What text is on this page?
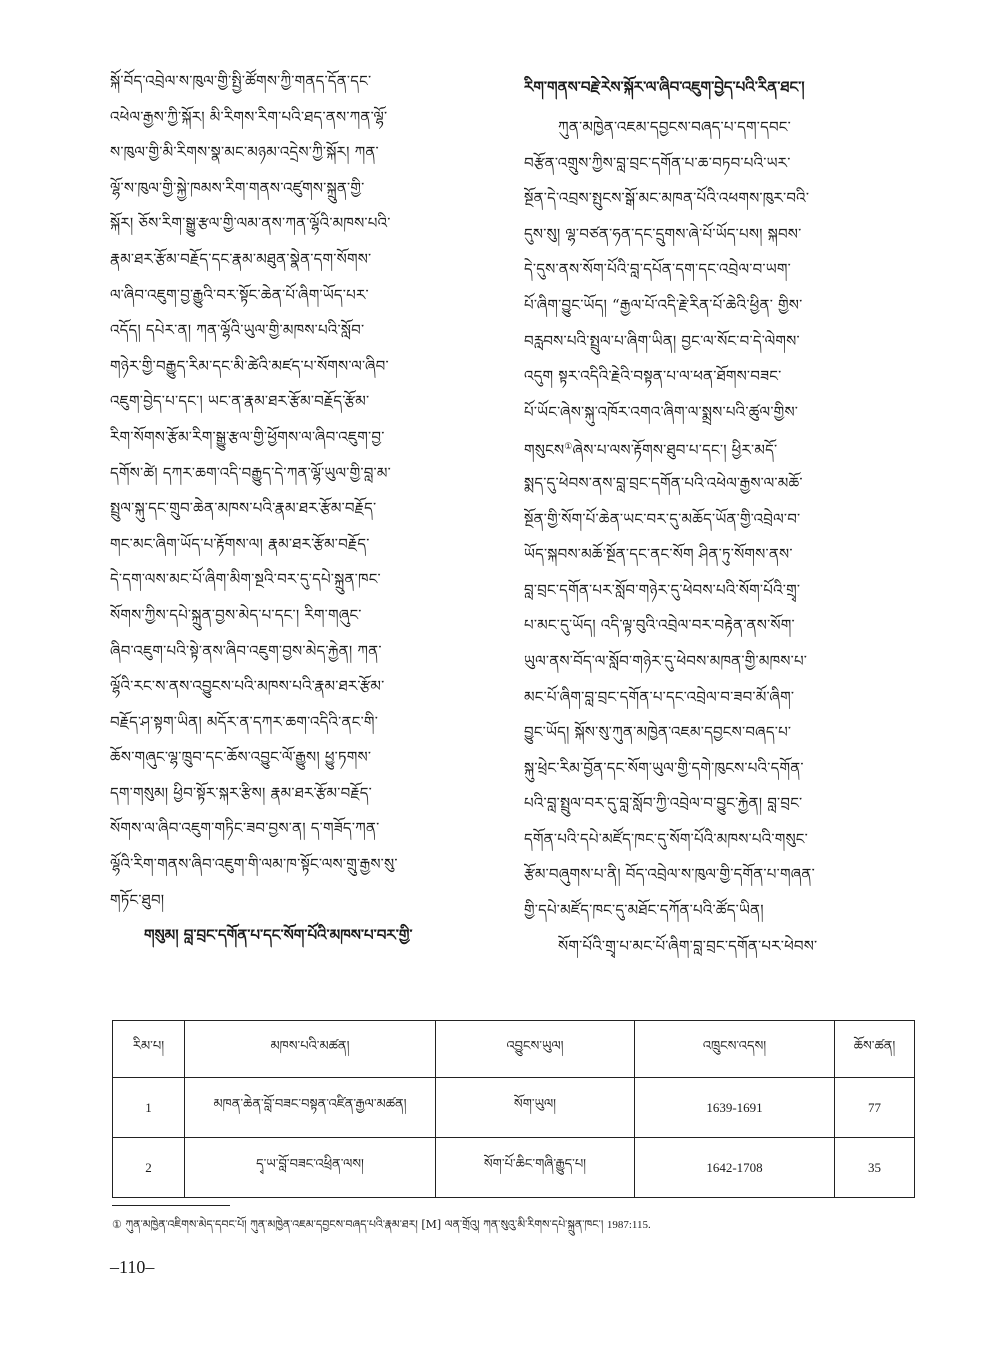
སྐོ་བོད་འབྲེལ་ས་ཁུལ་གྱི་སྤྱི་ཚོགས་ཀྱི་གནད་དོན་དང་
འཕེལ་རྒྱས་ཀྱི་སྐོར། མི་རིགས་རིག་པའི་ཐད་ནས་ཀན་ལྷོ་
ས་ཁུལ་གྱི་མི་རིགས་སྣ་མང་མཉམ་འདྲེས་ཀྱི་སྐོར། ཀན་
ལྷོ་ས་ཁུལ་གྱི་སྐྱེ་ཁམས་རིག་གནས་འཛུགས་སྐྲུན་གྱི་
སྐོར། ཅོས་རིག་སྒྱུ་རྩལ་གྱི་ལམ་ནས་ཀན་ལྷོའི་མཁས་པའི་
རྣམ་ཐར་རྩོམ་བརྗོད་དང་རྣམ་མཐུན་སྣེན་དག་སོགས་
ལ་ཞིབ་འཇུག་བྱ་རྒྱུའི་བར་སྟོང་ཆེན་པོ་ཞིག་ཡོད་པར་
འདོད། དཔེར་ན། ཀན་ལྷོའི་ཡུལ་གྱི་མཁས་པའི་སློབ་
གཉེར་གྱི་བརྒྱུད་རིམ་དང་མི་ཚེའི་མཛད་པ་སོགས་ལ་ཞིབ་
འཇུག་བྱེད་པ་དང་། ཡང་ན་རྣམ་ཐར་རྩོམ་བརྗོད་རྩོམ་
རིག་སོགས་རྩོམ་རིག་སྒྱུ་རྩལ་གྱི་ཕྱོགས་ལ་ཞིབ་འཇུག་བྱ་
དགོས་ཚེ། དཀར་ཆག་འདི་བརྒྱུད་དེ་ཀན་ལྷོ་ཡུལ་གྱི་བླ་མ་
སྤྲུལ་སྐུ་དང་གྲུབ་ཆེན་མཁས་པའི་རྣམ་ཐར་རྩོམ་བརྗོད་
གང་མང་ཞིག་ཡོད་པ་རྟོགས་ལ། རྣམ་ཐར་རྩོམ་བརྗོད་
དེ་དག་ལས་མང་པོ་ཞིག་མིག་སྔའི་བར་དུ་དཔེ་སྐྲུན་ཁང་
སོགས་ཀྱིས་དཔེ་སྐྲུན་བྱས་མེད་པ་དང་། རིག་གཞུང་
ཞིབ་འཇུག་པའི་སྟེ་ནས་ཞིབ་འཇུག་བྱས་མེད་རྐྱེན། ཀན་
ལྷོའི་རང་ས་ནས་འབྱུངས་པའི་མཁས་པའི་རྣམ་ཐར་རྩོམ་
བརྗོད་ཤ་སྟག་ཡིན། མདོར་ན་དཀར་ཆག་འདིའི་ནང་གི་
ཆོས་གཞུང་ལྷ་ཁྲུབ་དང་ཆོས་འབྱུང་ལོ་རྒྱུས། ཕྱུ་ཏགས་
དག་གསུམ། ཕྱིབ་སྟོར་སྐར་རྩིས། རྣམ་ཐར་རྩོམ་བརྗོད་
སོགས་ལ་ཞིབ་འཇུག་གཏིང་ཟབ་བྱས་ན། ད་གཟོད་ཀན་
ལྷོའི་རིག་གནས་ཞིབ་འཇུག་གི་ལམ་ཁ་སྟོང་ལས་གྲུ་རྒྱས་སུ་
གཏོང་ཐུབ།
གསུམ། བླ་བྲང་དགོན་པ་དང་སོག་པོའི་མཁས་པ་བར་གྱི་
རིག་གནས་བརྗེ་རེས་སྐོར་ལ་ཞིབ་འཇུག་བྱེད་པའི་རིན་ཐང་།
ཀུན་མཁྱེན་འཇམ་དབྱངས་བཞད་པ་དག་དབང་
བརྩོན་འགྲུས་ཀྱིས་བླ་བྲང་དགོན་པ་ཆ་བཏབ་པའི་ཡར་
སྔོན་དེ་འབྲས་སྤུངས་སྒོ་མང་མཁན་པོའི་འཕགས་ཁུར་བའི་
དུས་སུ། ལྷ་བཙན་ཧན་དང་དྲུགས་ཞེ་པོ་ཡོད་པས། སྐབས་
དེ་དུས་ནས་སོག་པོའི་བླ་དཔོན་དག་དང་འབྲེལ་བ་ཡག་
པོ་ཞིག་བྱུང་ཡོད། “རྒྱལ་པོ་འདི་རྗེ་རིན་པོ་ཆེའི་ཕྱིན་ གྱིས་
བརླབས་པའི་སྤྲུལ་པ་ཞིག་ཡིན། བྱང་ལ་སོང་བ་དེ་ལེགས་
འདུག སྟར་འདིའི་རྗེའི་བསྟན་པ་ལ་ཕན་ཐོགས་བཟང་
པོ་ཡོང་ཞེས་སྐུ་འཁོར་འགའ་ཞིག་ལ་སྨྲས་པའི་ཚུལ་གྱིས་
གསུངས①ཞེས་པ་ལས་རྟོགས་ཐུབ་པ་དང་། ཕྱིར་མདོ་
སྨད་དུ་ཕེབས་ནས་བླ་བྲང་དགོན་པའི་འཕེལ་རྒྱས་ལ་མཆོ་
སྔོན་གྱི་སོག་པོ་ཆེན་ཡང་བར་དུ་མཆོད་ཡོན་གྱི་འབྲེལ་བ་
ཡོད་སྐབས་མཆོ་སྔོན་དང་ནང་སོག ཤིན་ཏུ་སོགས་ནས་
བླ་བྲང་དགོན་པར་སློབ་གཉེར་དུ་ཕེབས་པའི་སོག་པོའི་གྲྭ་
པ་མང་དུ་ཡོད། འདི་ལྟ་བུའི་འབྲེལ་བར་བརྟེན་ནས་སོག་
ཡུལ་ནས་བོད་ལ་སློབ་གཉེར་དུ་ཕེབས་མཁན་གྱི་མཁས་པ་
མང་པོ་ཞིག་བླ་བྲང་དགོན་པ་དང་འབྲེལ་བ་ཟབ་མོ་ཞིག་
བྱུང་ཡོད། སྐོས་སུ་ཀུན་མཁྱེན་འཇམ་དབྱངས་བཞད་པ་
སྐུ་ཕྲེང་རིམ་བྱོན་དང་སོག་ཡུལ་གྱི་དགེ་ཁུངས་པའི་དགོན་
པའི་བླ་སྤྲུལ་བར་དུ་བླ་སློབ་ཀྱི་འབྲེལ་བ་བྱུང་རྐྱེན། བླ་བྲང་
དགོན་པའི་དཔེ་མཛོད་ཁང་དུ་སོག་པོའི་མཁས་པའི་གསུང་
རྩོམ་བཞུགས་པ་ནི། བོད་འབྲེལ་ས་ཁུལ་གྱི་དགོན་པ་གཞན་
གྱི་དཔེ་མཛོད་ཁང་དུ་མཐོང་དཀོན་པའི་ཚོད་ཡིན།
སོག་པོའི་གྲྭ་པ་མང་པོ་ཞིག་བླ་བྲང་དགོན་པར་ཕེབས་
རིམ་པ།	མཁས་པའི་མཚན།	འབྱུངས་ཡུལ།	འཁྲུངས་འདས།	ཆོས་ཚན།
1	མཁན་ཆེན་བློ་བཟང་བསྟན་འཛིན་རྒྱལ་མཚན།	སོག་ཡུལ།	1639-1691	77
2	དྭ་ཡ་བློ་བཟང་འཕྲིན་ལས།	སོག་པོ་ཆིང་གཞི་རྒྱུད་པ།	1642-1708	35
① ཀུན་མཁྱེན་འཇིགས་མེད་དབང་པོ། ཀུན་མཁྱེན་འཇམ་དབྱངས་བཞད་པའི་རྣམ་ཐར། [M] ལན་གྲོའུ། ཀན་སུའུ་མི་རིགས་དཔེ་སྐྲུན་ཁང་། 1987:115.
–110–
